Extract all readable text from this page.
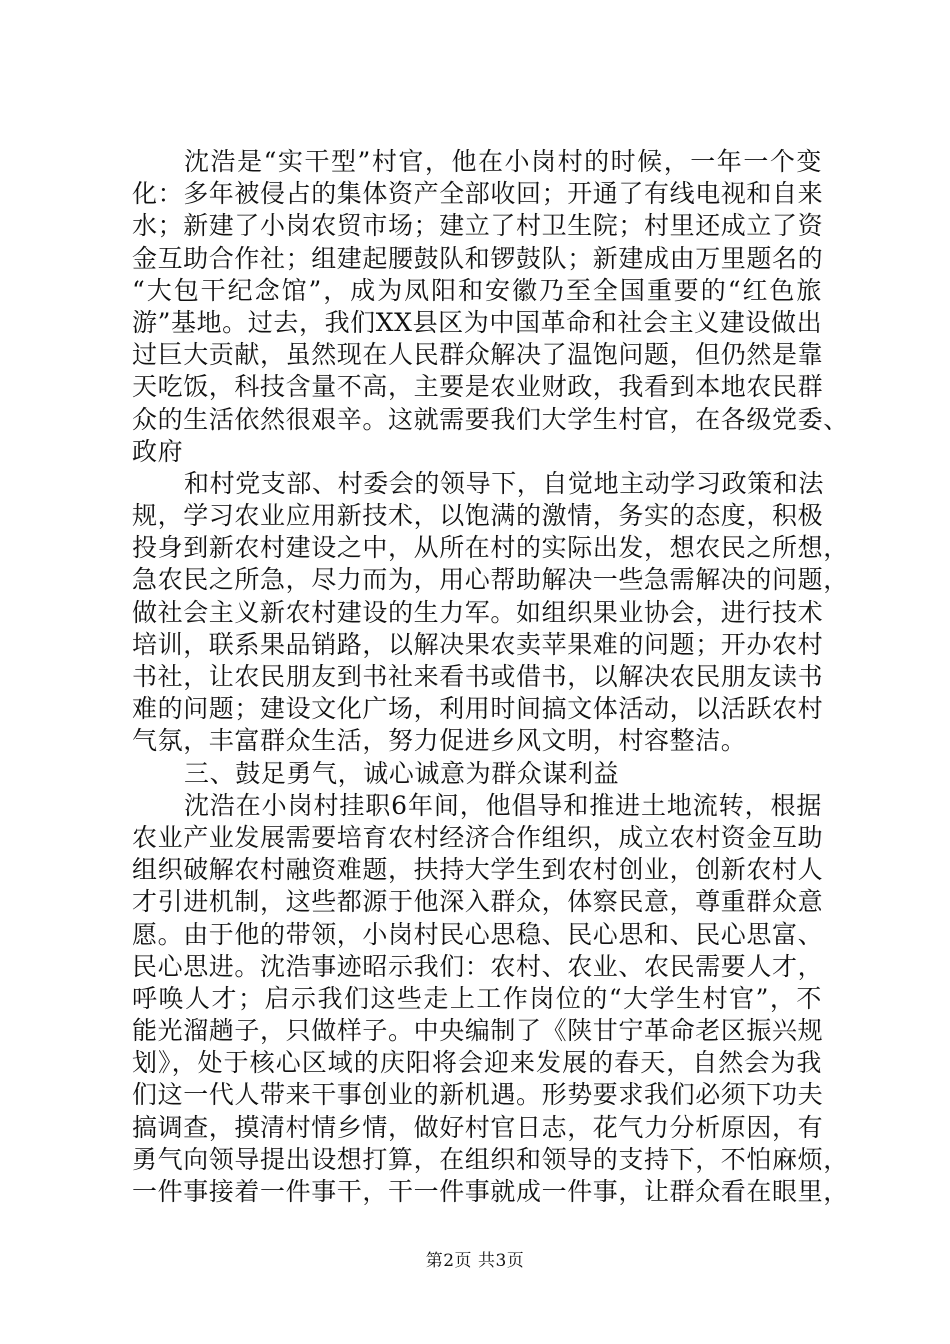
沈浩是“实干型”村官，他在小岗村的时候，一年一个变
化：多年被侵占的集体资产全部收回；开通了有线电视和自来
水；新建了小岗农贸市场；建立了村卫生院；村里还成立了资
金互助合作社；组建起腰鼓队和锣鼓队；新建成由万里题名的
“大包干纪念馆”，成为凤阳和安徽乃至全国重要的“红色旅
游”基地。过去，我们XX县区为中国革命和社会主义建设做出
过巨大贡献，虽然现在人民群众解决了温饱问题，但仍然是靠
天吃饭，科技含量不高，主要是农业财政，我看到本地农民群
众的生活依然很艰辛。这就需要我们大学生村官，在各级党委、
政府
和村党支部、村委会的领导下，自觉地主动学习政策和法
规，学习农业应用新技术，以饱满的激情，务实的态度，积极
投身到新农村建设之中，从所在村的实际出发，想农民之所想，
急农民之所急，尽力而为，用心帮助解决一些急需解决的问题，
做社会主义新农村建设的生力军。如组织果业协会，进行技术
培训，联系果品销路，以解决果农卖苹果难的问题；开办农村
书社，让农民朋友到书社来看书或借书，以解决农民朋友读书
难的问题；建设文化广场，利用时间搞文体活动，以活跃农村
气氛，丰富群众生活，努力促进乡风文明，村容整洁。
三、鼓足勇气，诚心诚意为群众谋利益
沈浩在小岗村挂职6年间，他倡导和推进土地流转，根据
农业产业发展需要培育农村经济合作组织，成立农村资金互助
组织破解农村融资难题，扶持大学生到农村创业，创新农村人
才引进机制，这些都源于他深入群众，体察民意，尊重群众意
愿。由于他的带领，小岗村民心思稳、民心思和、民心思富、
民心思进。沈浩事迹昭示我们：农村、农业、农民需要人才，
呼唤人才；启示我们这些走上工作岗位的“大学生村官”，不
能光溜趟子，只做样子。中央编制了《陕甘宁革命老区振兴规
划》，处于核心区域的庆阳将会迎来发展的春天，自然会为我
们这一代人带来干事创业的新机遇。形势要求我们必须下功夫
搞调查，摸清村情乡情，做好村官日志，花气力分析原因，有
勇气向领导提出设想打算，在组织和领导的支持下，不怕麻烦，
一件事接着一件事干，干一件事就成一件事，让群众看在眼里，
第2页 共3页
